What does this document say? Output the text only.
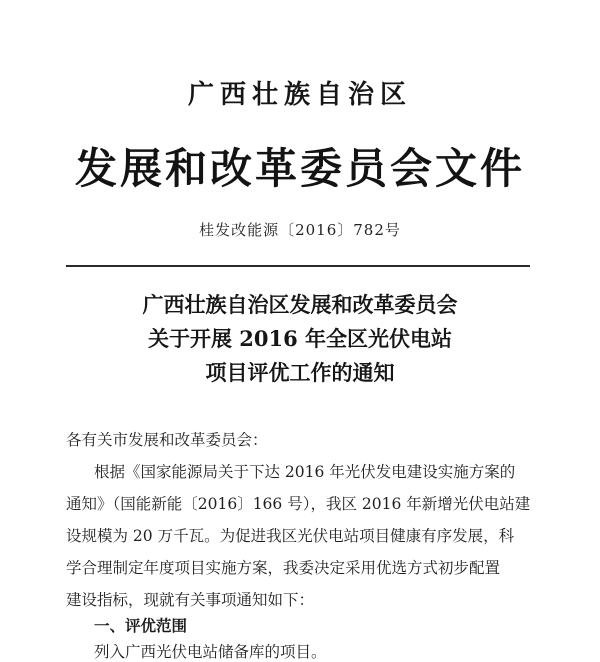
广西壮族自治区
发展和改革委员会文件
桂发改能源〔2016〕782号
广西壮族自治区发展和改革委员会
关于开展 2016 年全区光伏电站
项目评优工作的通知
各有关市发展和改革委员会：
根据《国家能源局关于下达 2016 年光伏发电建设实施方案的
通知》（国能新能〔2016〕166 号），我区 2016 年新增光伏电站建
设规模为 20 万千瓦。为促进我区光伏电站项目健康有序发展，科
学合理制定年度项目实施方案，我委决定采用优选方式初步配置
建设指标，现就有关事项通知如下：
一、评优范围
列入广西光伏电站储备库的项目。
